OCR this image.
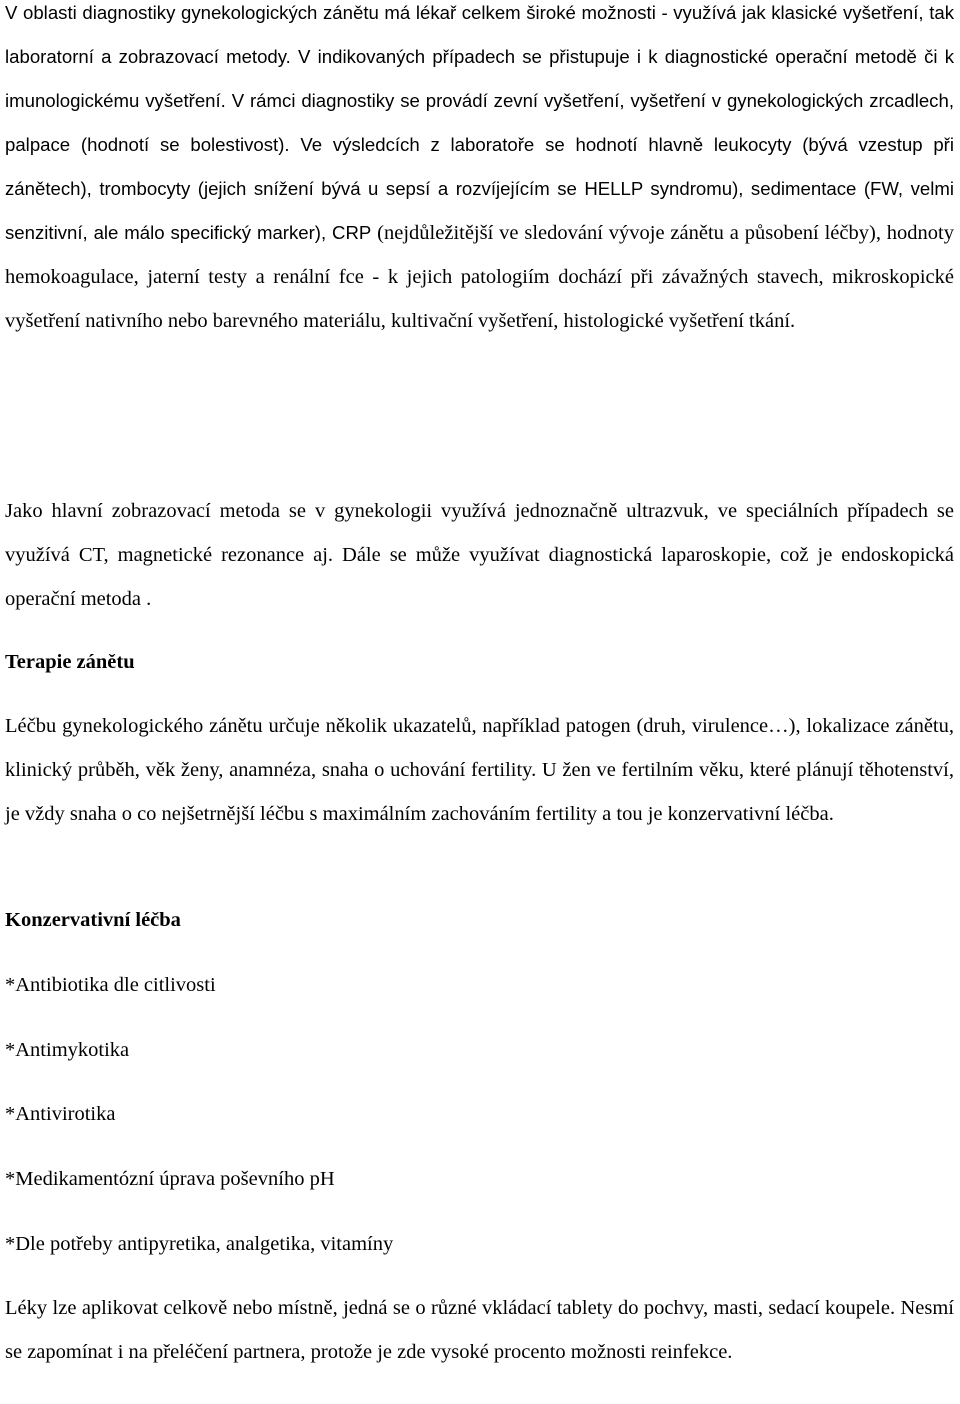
V oblasti diagnostiky gynekologických zánětu má lékař celkem široké možnosti - využívá jak klasické vyšetření, tak laboratorní a zobrazovací metody. V indikovaných případech se přistupuje i k diagnostické operační metodě či k imunologickému vyšetření. V rámci diagnostiky se provádí zevní vyšetření, vyšetření v gynekologických zrcadlech, palpace (hodnotí se bolestivost). Ve výsledcích z laboratoře se hodnotí hlavně leukocyty (bývá vzestup při zánětech), trombocyty (jejich snížení bývá u sepsí a rozvíjejícím se HELLP syndromu), sedimentace (FW, velmi senzitivní, ale málo specifický marker), CRP (nejdůležitější ve sledování vývoje zánětu a působení léčby), hodnoty hemokoagulace, jaterní testy a renální fce - k jejich patologiím dochází při závažných stavech, mikroskopické vyšetření nativního nebo barevného materiálu, kultivační vyšetření, histologické vyšetření tkání.

Jako hlavní zobrazovací metoda se v gynekologii využívá jednoznačně ultrazvuk, ve speciálních případech se využívá CT, magnetické rezonance aj. Dále se může využívat diagnostická laparoskopie, což je endoskopická operační metoda .

Terapie zánětu

Léčbu gynekologického zánětu určuje několik ukazatelů, například patogen (druh, virulence…), lokalizace zánětu, klinický průběh, věk ženy, anamnéza, snaha o uchování fertility. U žen ve fertilním věku, které plánují těhotenství, je vždy snaha o co nejšetrnější léčbu s maximálním zachováním fertility a tou je konzervativní léčba.

Konzervativní léčba

*Antibiotika dle citlivosti

*Antimykotika

*Antivirotika

*Medikamentózní úprava poševního pH

*Dle potřeby antipyretika, analgetika, vitamíny

Léky lze aplikovat celkově nebo místně, jedná se o různé vkládací tablety do pochvy, masti, sedací koupele. Nesmí se zapomínat i na přeléčení partnera, protože je zde vysoké procento možnosti reinfekce.
